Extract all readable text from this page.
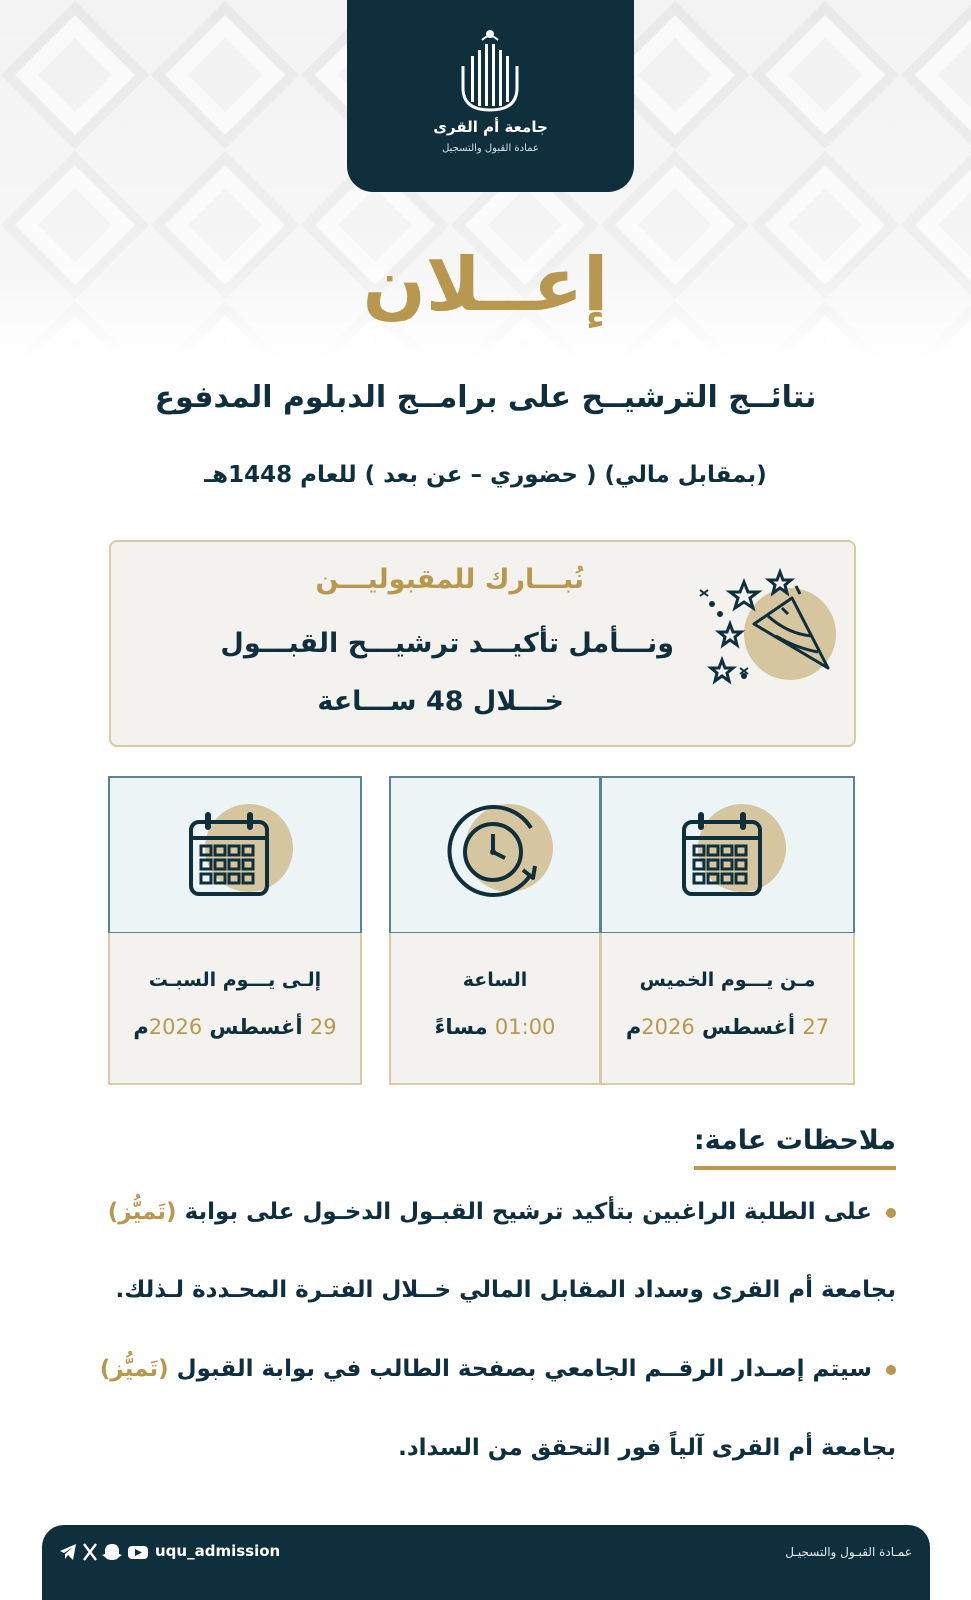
جامعة أم القرى
عمادة القبول والتسجيل
إعــلان
نتائــج الترشيــح على برامــج الدبلوم المدفوع
(بمقابل مالي) ( حضوري – عن بعد ) للعام 1448هـ
نُبـــارك للمقبوليـــن
ونـــأمل تأكيـــد ترشيـــح القبـــول
خـــلال 48 ســـاعة
مـن يـــوم الخميس
27 أغسطس 2026م
الساعة
01:00 مساءً
إلـى يـــوم السبـت
29 أغسطس 2026م
ملاحظات عامة:
على الطلبة الراغبين بتأكيد ترشيح القبـول الدخـول على بوابة (تَميُّز)
بجامعة أم القرى وسداد المقابل المالي خــلال الفتـرة المحـددة لـذلك.
سيتم إصـدار الرقــم الجامعي بصفحة الطالب في بوابة القبول (تَميُّز)
بجامعة أم القرى آلياً فور التحقق من السداد.
عمـادة القبـول والتسجيـل
uqu_admission
